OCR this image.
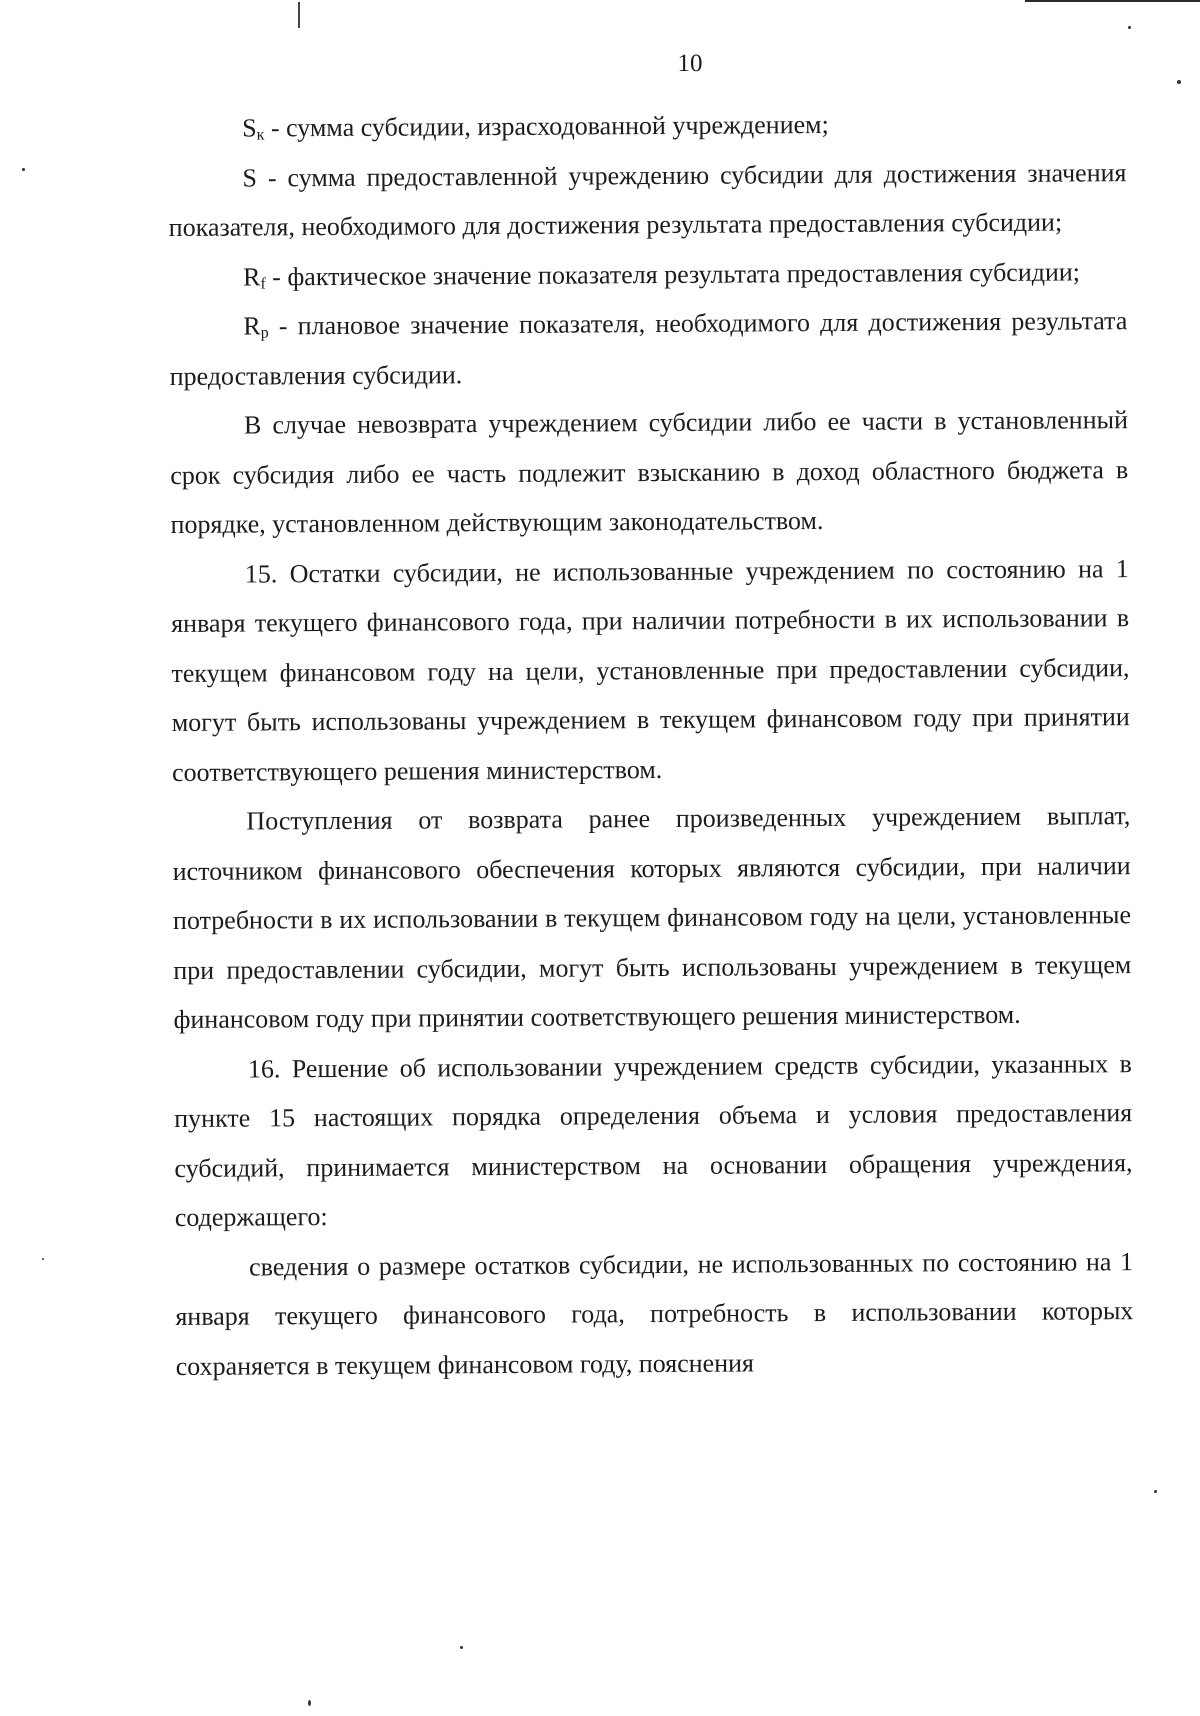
10

$S_к$ - сумма субсидии, израсходованной учреждением;

S - сумма предоставленной учреждению субсидии для достижения значения показателя, необходимого для достижения результата предоставления субсидии;

$R_f$ - фактическое значение показателя результата предоставления субсидии;

$R_p$ - плановое значение показателя, необходимого для достижения результата предоставления субсидии.

В случае невозврата учреждением субсидии либо ее части в установленный срок субсидия либо ее часть подлежит взысканию в доход областного бюджета в порядке, установленном действующим законодательством.

15. Остатки субсидии, не использованные учреждением по состоянию на 1 января текущего финансового года, при наличии потребности в их использовании в текущем финансовом году на цели, установленные при предоставлении субсидии, могут быть использованы учреждением в текущем финансовом году при принятии соответствующего решения министерством.

Поступления от возврата ранее произведенных учреждением выплат, источником финансового обеспечения которых являются субсидии, при наличии потребности в их использовании в текущем финансовом году на цели, установленные при предоставлении субсидии, могут быть использованы учреждением в текущем финансовом году при принятии соответствующего решения министерством.

16. Решение об использовании учреждением средств субсидии, указанных в пункте 15 настоящих порядка определения объема и условия предоставления субсидий, принимается министерством на основании обращения учреждения, содержащего:

сведения о размере остатков субсидии, не использованных по состоянию на 1 января текущего финансового года, потребность в использовании которых сохраняется в текущем финансовом году, пояснения
